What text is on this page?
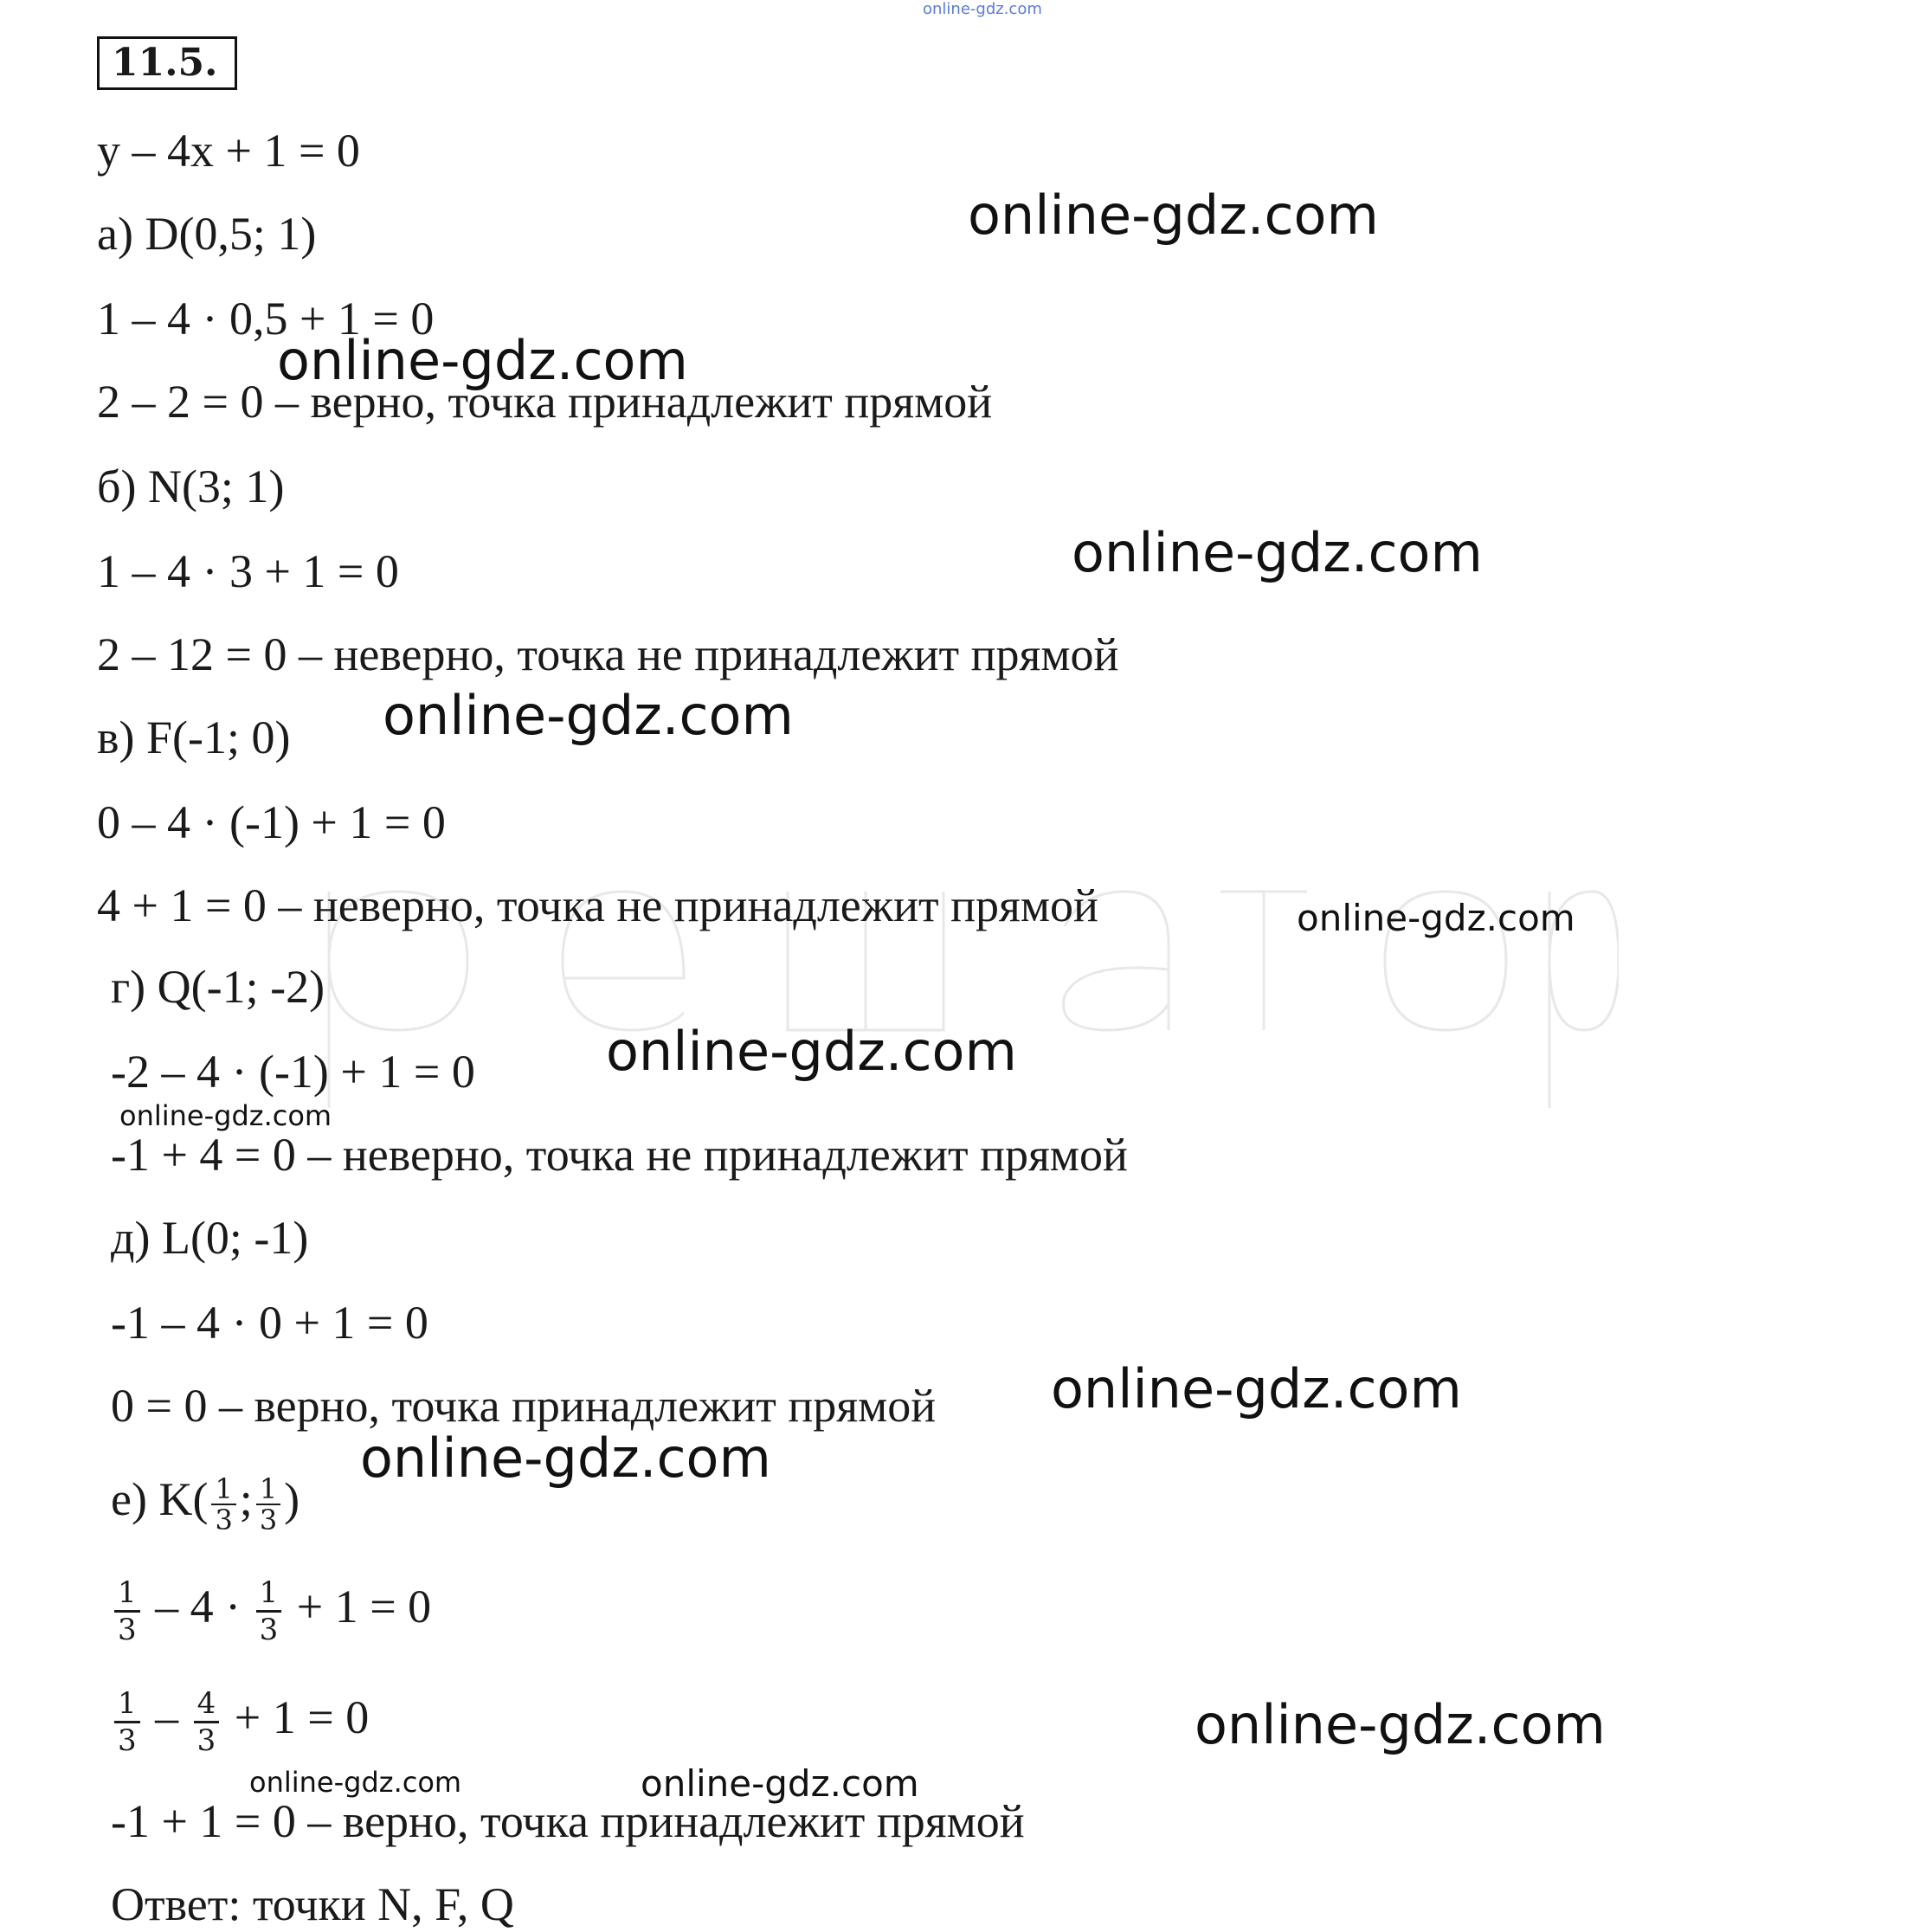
online-gdz.com
11.5.
y – 4x + 1 = 0
а) D(0,5; 1)
1 – 4 · 0,5 + 1 = 0
2 – 2 = 0 – верно, точка принадлежит прямой
б) N(3; 1)
1 – 4 · 3 + 1 = 0
2 – 12 = 0 – неверно, точка не принадлежит прямой
в) F(-1; 0)
0 – 4 · (-1) + 1 = 0
4 + 1 = 0 – неверно, точка не принадлежит прямой
г) Q(-1; -2)
-2 – 4 · (-1) + 1 = 0
-1 + 4 = 0 – неверно, точка не принадлежит прямой
д) L(0; -1)
-1 – 4 · 0 + 1 = 0
0 = 0 – верно, точка принадлежит прямой
е) $K( \frac{1}{3}$ ; $\frac{1}{3}$ )
$\frac{1}{3} - 4 \cdot \frac{1}{3} + 1 = 0$
$\frac{1}{3} - \frac{4}{3} + 1 = 0$
-1 + 1 = 0 – верно, точка принадлежит прямой
Ответ: точки N, F, Q
online-gdz.com
online-gdz.com
online-gdz.com
online-gdz.com
online-gdz.com
online-gdz.com
online-gdz.com
online-gdz.com
online-gdz.com
online-gdz.com
online-gdz.com	online-gdz.com
